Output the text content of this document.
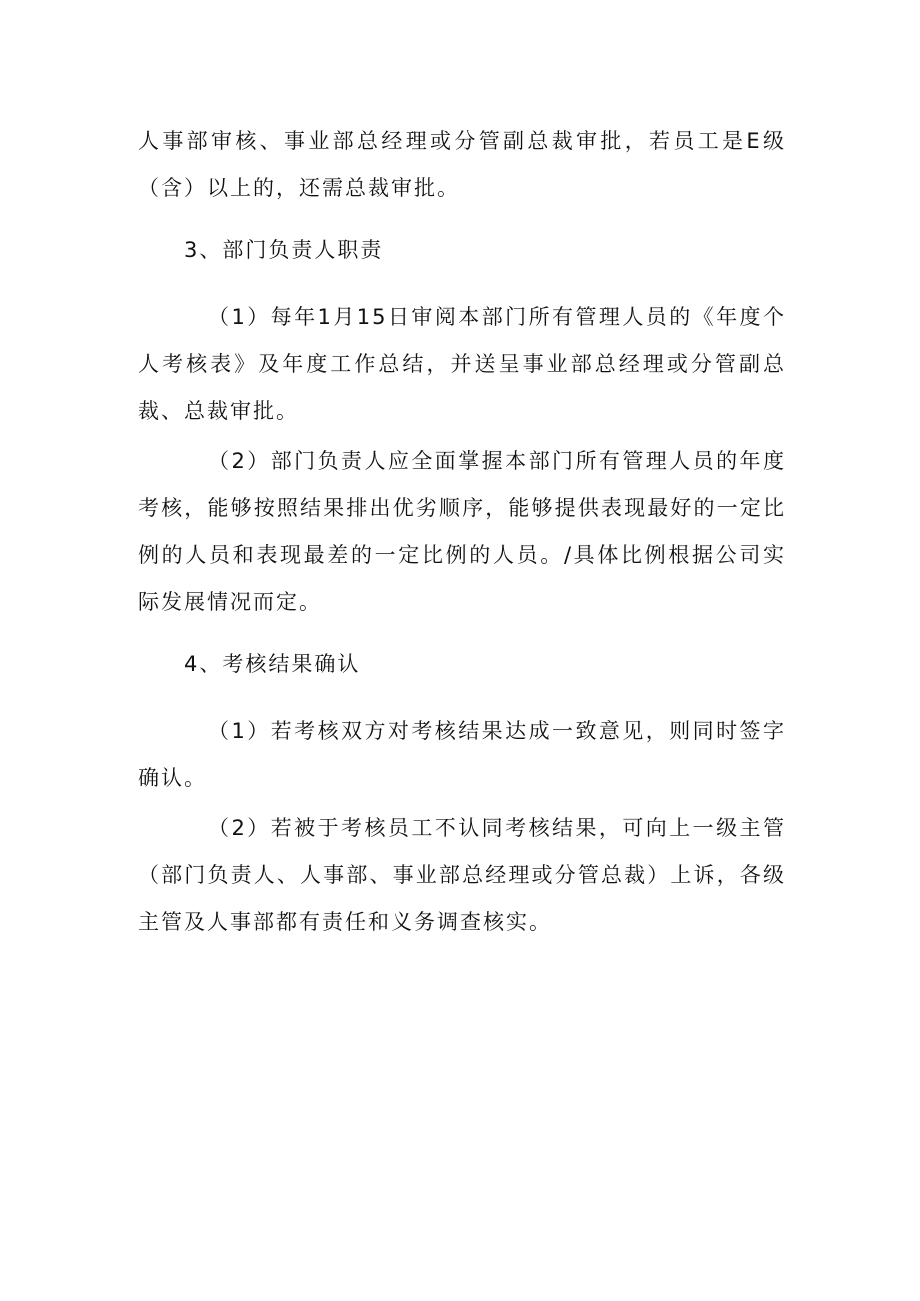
人事部审核、事业部总经理或分管副总裁审批，若员工是E级（含）以上的，还需总裁审批。

3、部门负责人职责

（1）每年1月15日审阅本部门所有管理人员的《年度个人考核表》及年度工作总结，并送呈事业部总经理或分管副总裁、总裁审批。

（2）部门负责人应全面掌握本部门所有管理人员的年度考核，能够按照结果排出优劣顺序，能够提供表现最好的一定比例的人员和表现最差的一定比例的人员。/具体比例根据公司实际发展情况而定。

4、考核结果确认

（1）若考核双方对考核结果达成一致意见，则同时签字确认。

（2）若被于考核员工不认同考核结果，可向上一级主管（部门负责人、人事部、事业部总经理或分管总裁）上诉，各级主管及人事部都有责任和义务调查核实。
